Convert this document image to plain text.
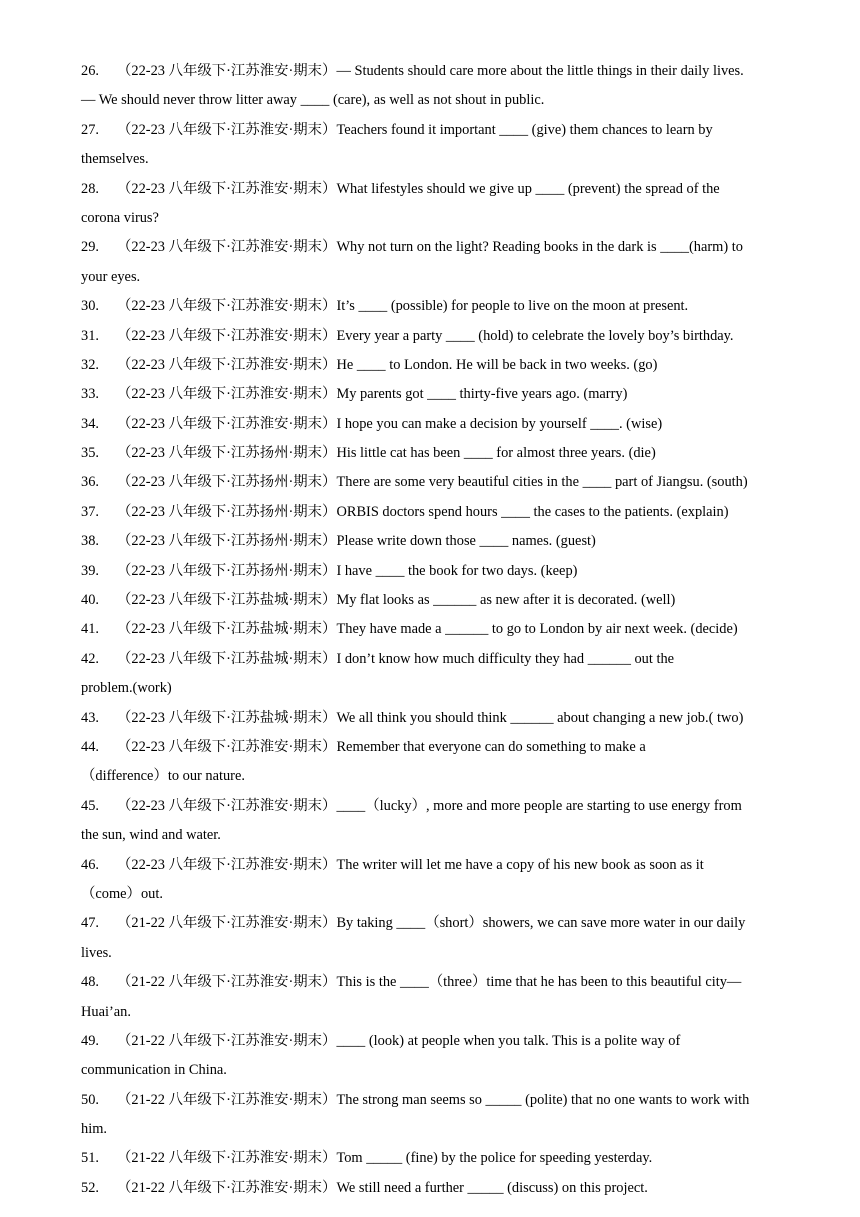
26. （22-23 八年级下·江苏淮安·期末）— Students should care more about the little things in their daily lives.
— We should never throw litter away ____ (care), as well as not shout in public.
27. （22-23 八年级下·江苏淮安·期末）Teachers found it important ____ (give) them chances to learn by
themselves.
28. （22-23 八年级下·江苏淮安·期末）What lifestyles should we give up ____ (prevent) the spread of the
corona virus?
29. （22-23 八年级下·江苏淮安·期末）Why not turn on the light? Reading books in the dark is ____(harm) to
your eyes.
30. （22-23 八年级下·江苏淮安·期末）It’s ____ (possible) for people to live on the moon at present.
31. （22-23 八年级下·江苏淮安·期末）Every year a party ____ (hold) to celebrate the lovely boy’s birthday.
32. （22-23 八年级下·江苏淮安·期末）He ____ to London. He will be back in two weeks. (go)
33. （22-23 八年级下·江苏淮安·期末）My parents got ____ thirty-five years ago. (marry)
34. （22-23 八年级下·江苏淮安·期末）I hope you can make a decision by yourself ____. (wise)
35. （22-23 八年级下·江苏扬州·期末）His little cat has been ____ for almost three years. (die)
36. （22-23 八年级下·江苏扬州·期末）There are some very beautiful cities in the ____ part of Jiangsu. (south)
37. （22-23 八年级下·江苏扬州·期末）ORBIS doctors spend hours ____ the cases to the patients. (explain)
38. （22-23 八年级下·江苏扬州·期末）Please write down those ____ names. (guest)
39. （22-23 八年级下·江苏扬州·期末）I have ____ the book for two days. (keep)
40. （22-23 八年级下·江苏盐城·期末）My flat looks as ______ as new after it is decorated. (well)
41. （22-23 八年级下·江苏盐城·期末）They have made a ______ to go to London by air next week. (decide)
42. （22-23 八年级下·江苏盐城·期末）I don’t know how much difficulty they had ______ out the
problem.(work)
43. （22-23 八年级下·江苏盐城·期末）We all think you should think ______ about changing a new job.( two)
44. （22-23 八年级下·江苏淮安·期末）Remember that everyone can do something to make a
（difference）to our nature.
45. （22-23 八年级下·江苏淮安·期末）____（lucky）, more and more people are starting to use energy from
the sun, wind and water.
46. （22-23 八年级下·江苏淮安·期末）The writer will let me have a copy of his new book as soon as it
（come）out.
47. （21-22 八年级下·江苏淮安·期末）By taking ____（short）showers, we can save more water in our daily
lives.
48. （21-22 八年级下·江苏淮安·期末）This is the ____（three）time that he has been to this beautiful city—
Huai’an.
49. （21-22 八年级下·江苏淮安·期末）____ (look) at people when you talk. This is a polite way of
communication in China.
50. （21-22 八年级下·江苏淮安·期末）The strong man seems so _____ (polite) that no one wants to work with
him.
51. （21-22 八年级下·江苏淮安·期末）Tom _____ (fine) by the police for speeding yesterday.
52. （21-22 八年级下·江苏淮安·期末）We still need a further _____ (discuss) on this project.
